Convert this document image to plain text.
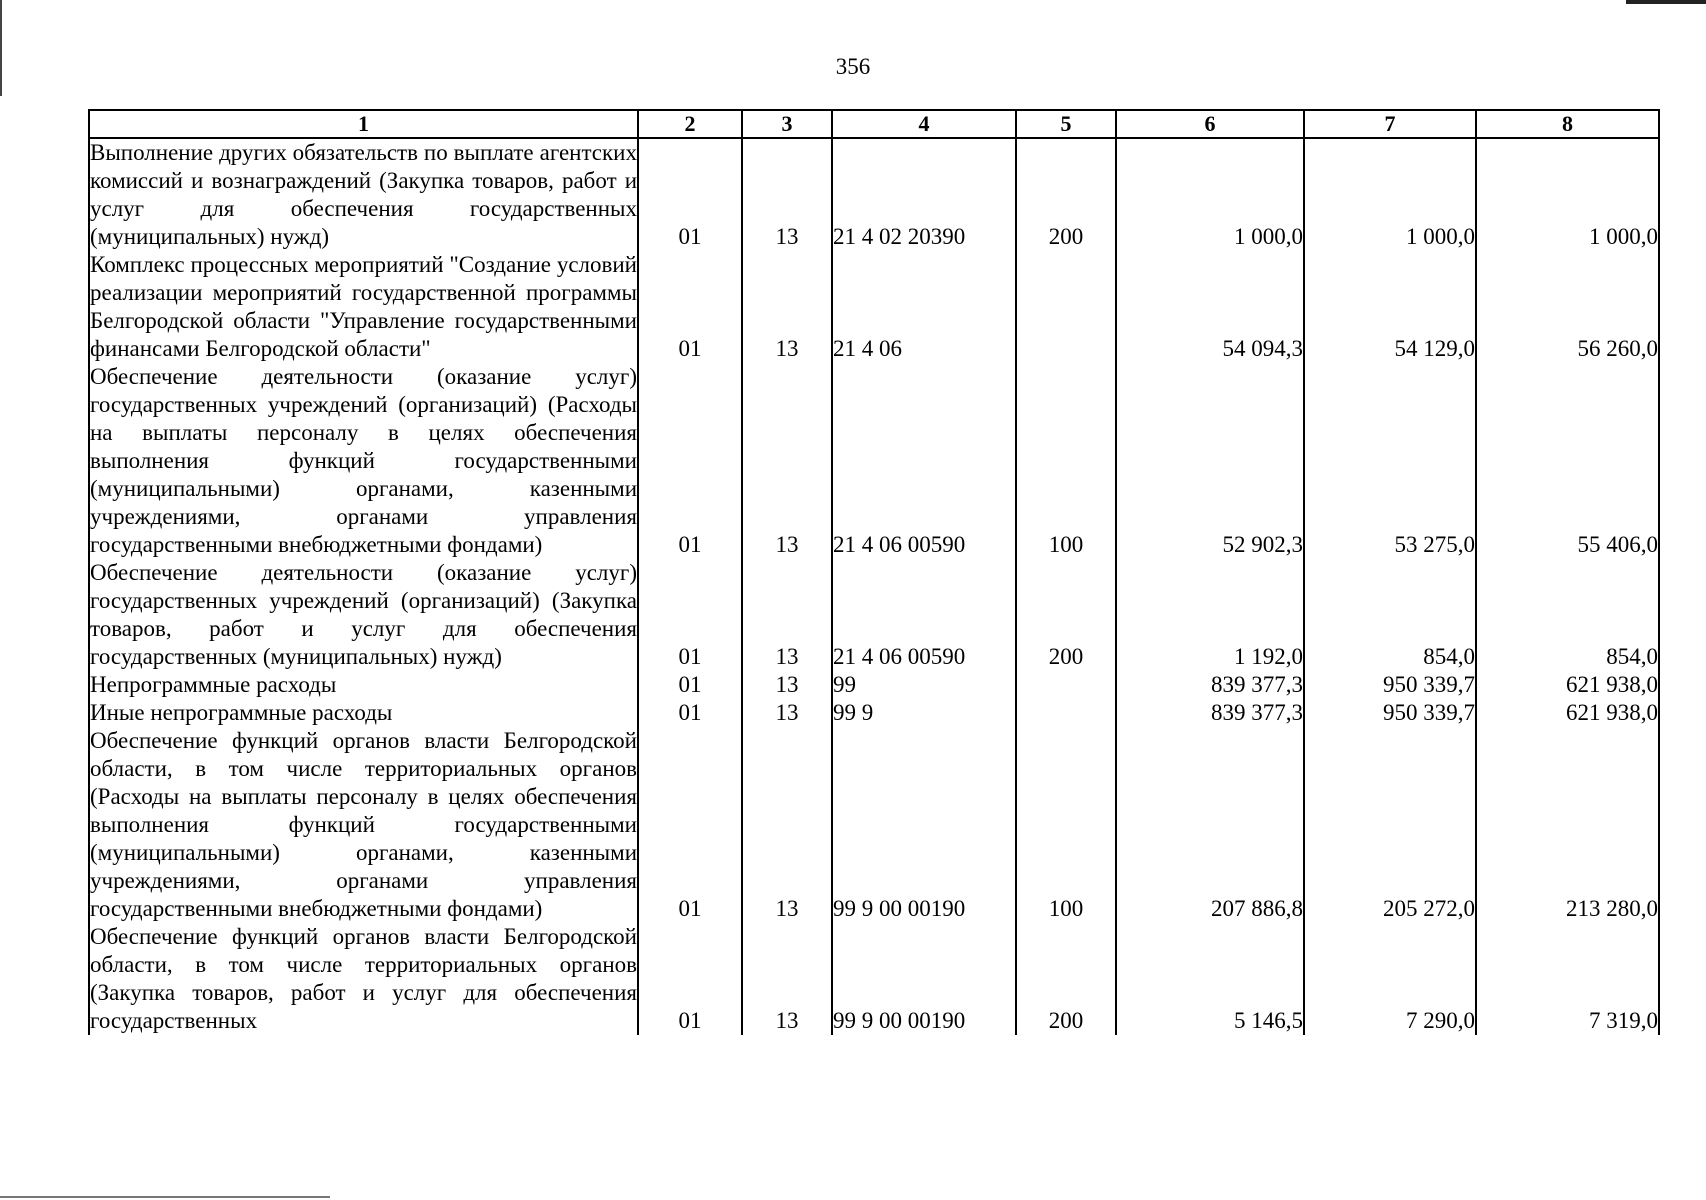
356
1	2	3	4	5	6	7	8
Выполнение других обязательств по выплате агентских комиссий и вознаграждений (Закупка товаров, работ и услуг для обеспечения государственных (муниципальных) нужд)	01	13	21 4 02 20390	200	1 000,0	1 000,0	1 000,0
Комплекс процессных мероприятий "Создание условий реализации мероприятий государственной программы Белгородской области "Управление государственными финансами Белгородской области"	01	13	21 4 06		54 094,3	54 129,0	56 260,0
Обеспечение деятельности (оказание услуг) государственных учреждений (организаций) (Расходы на выплаты персоналу в целях обеспечения выполнения функций государственными (муниципальными) органами, казенными учреждениями, органами управления государственными внебюджетными фондами)	01	13	21 4 06 00590	100	52 902,3	53 275,0	55 406,0
Обеспечение деятельности (оказание услуг) государственных учреждений (организаций) (Закупка товаров, работ и услуг для обеспечения государственных (муниципальных) нужд)	01	13	21 4 06 00590	200	1 192,0	854,0	854,0
Непрограммные расходы	01	13	99		839 377,3	950 339,7	621 938,0
Иные непрограммные расходы	01	13	99 9		839 377,3	950 339,7	621 938,0
Обеспечение функций органов власти Белгородской области, в том числе территориальных органов (Расходы на выплаты персоналу в целях обеспечения выполнения функций государственными (муниципальными) органами, казенными учреждениями, органами управления государственными внебюджетными фондами)	01	13	99 9 00 00190	100	207 886,8	205 272,0	213 280,0
Обеспечение функций органов власти Белгородской области, в том числе территориальных органов (Закупка товаров, работ и услуг для обеспечения государственных	01	13	99 9 00 00190	200	5 146,5	7 290,0	7 319,0
